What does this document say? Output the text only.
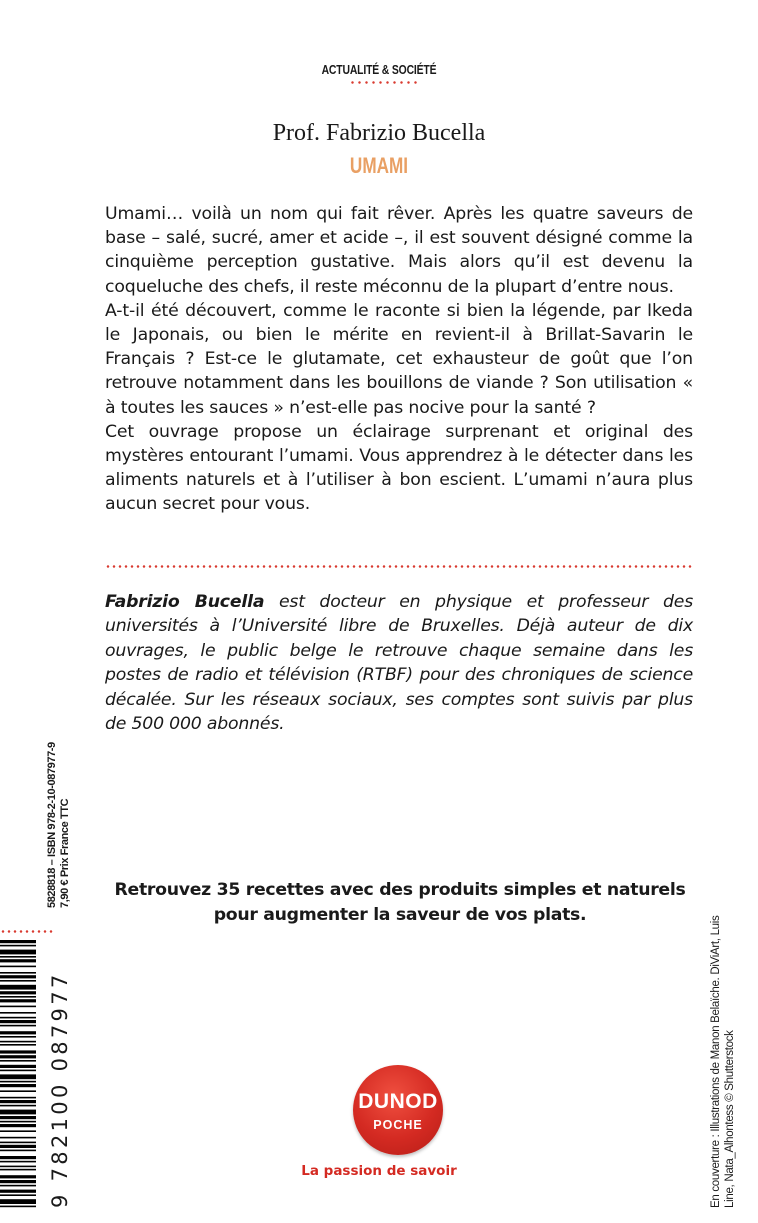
ACTUALITÉ & SOCIÉTÉ
Prof. Fabrizio Bucella
UMAMI

Umami… voilà un nom qui fait rêver. Après les quatre saveurs de base – salé, sucré, amer et acide –, il est souvent désigné comme la cinquième perception gustative. Mais alors qu’il est devenu la coqueluche des chefs, il reste méconnu de la plupart d’entre nous.

A-t-il été découvert, comme le raconte si bien la légende, par Ikeda le Japonais, ou bien le mérite en revient-il à Brillat-Savarin le Français ? Est-ce le glutamate, cet exhausteur de goût que l’on retrouve notamment dans les bouillons de viande ? Son utilisation « à toutes les sauces » n’est-elle pas nocive pour la santé ?

Cet ouvrage propose un éclairage surprenant et original des mystères entourant l’umami. Vous apprendrez à le détecter dans les aliments naturels et à l’utiliser à bon escient. L’umami n’aura plus aucun secret pour vous.

Fabrizio Bucella est docteur en physique et professeur des universités à l’Université libre de Bruxelles. Déjà auteur de dix ouvrages, le public belge le retrouve chaque semaine dans les postes de radio et télévision (RTBF) pour des chroniques de science décalée. Sur les réseaux sociaux, ses comptes sont suivis par plus de 500 000 abonnés.
Retrouvez 35 recettes avec des produits simples et naturels
pour augmenter la saveur de vos plats.
5828818 – ISBN 978-2-10-087977-9 7,90 € Prix France TTC
9 782100 087977	En couverture : Illustrations de Manon Belaïche. DiViArt, Luis Line, Nata_Alhontess © Shutterstock
DUNOD
POCHE
La passion de savoir
